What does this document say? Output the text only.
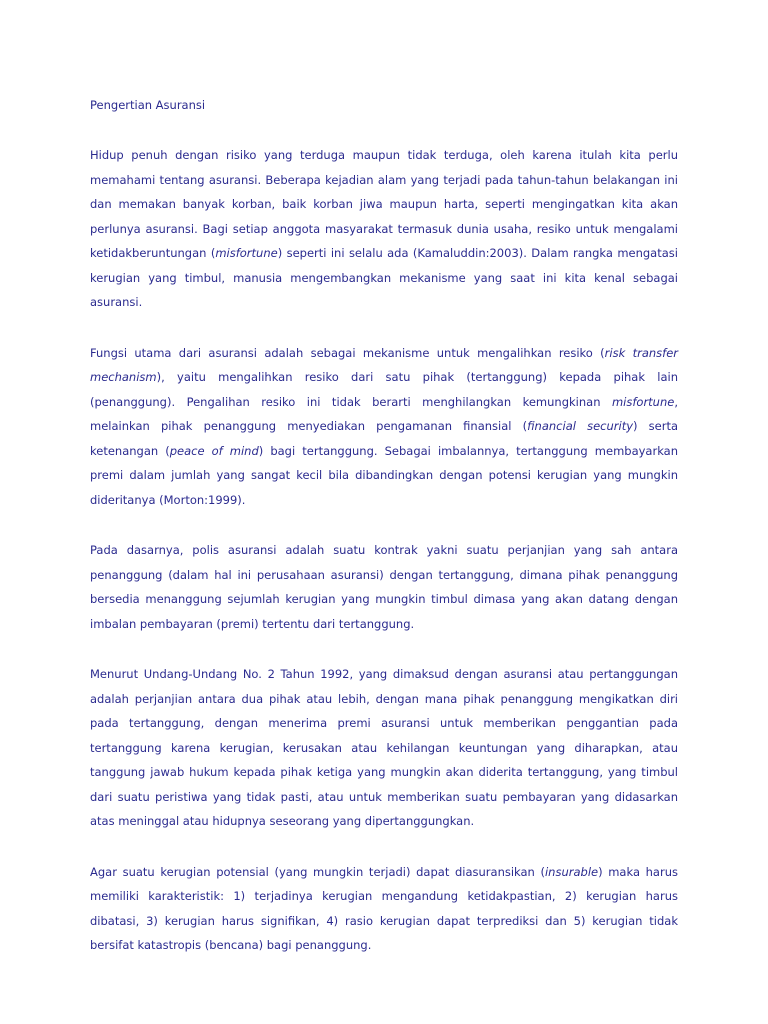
Pengertian Asuransi

Hidup penuh dengan risiko yang terduga maupun tidak terduga, oleh karena itulah kita perlu memahami tentang asuransi. Beberapa kejadian alam yang terjadi pada tahun-tahun belakangan ini dan memakan banyak korban, baik korban jiwa maupun harta, seperti mengingatkan kita akan perlunya asuransi. Bagi setiap anggota masyarakat termasuk dunia usaha, resiko untuk mengalami ketidakberuntungan (misfortune) seperti ini selalu ada (Kamaluddin:2003). Dalam rangka mengatasi kerugian yang timbul, manusia mengembangkan mekanisme yang saat ini kita kenal sebagai asuransi.

Fungsi utama dari asuransi adalah sebagai mekanisme untuk mengalihkan resiko (risk transfer mechanism), yaitu mengalihkan resiko dari satu pihak (tertanggung) kepada pihak lain (penanggung). Pengalihan resiko ini tidak berarti menghilangkan kemungkinan misfortune, melainkan pihak penanggung menyediakan pengamanan finansial (financial security) serta ketenangan (peace of mind) bagi tertanggung. Sebagai imbalannya, tertanggung membayarkan premi dalam jumlah yang sangat kecil bila dibandingkan dengan potensi kerugian yang mungkin dideritanya (Morton:1999).

Pada dasarnya, polis asuransi adalah suatu kontrak yakni suatu perjanjian yang sah antara penanggung (dalam hal ini perusahaan asuransi) dengan tertanggung, dimana pihak penanggung bersedia menanggung sejumlah kerugian yang mungkin timbul dimasa yang akan datang dengan imbalan pembayaran (premi) tertentu dari tertanggung.

Menurut Undang-Undang No. 2 Tahun 1992, yang dimaksud dengan asuransi atau pertanggungan adalah perjanjian antara dua pihak atau lebih, dengan mana pihak penanggung mengikatkan diri pada tertanggung, dengan menerima premi asuransi untuk memberikan penggantian pada tertanggung karena kerugian, kerusakan atau kehilangan keuntungan yang diharapkan, atau tanggung jawab hukum kepada pihak ketiga yang mungkin akan diderita tertanggung, yang timbul dari suatu peristiwa yang tidak pasti, atau untuk memberikan suatu pembayaran yang didasarkan atas meninggal atau hidupnya seseorang yang dipertanggungkan.

Agar suatu kerugian potensial (yang mungkin terjadi) dapat diasuransikan (insurable) maka harus memiliki karakteristik: 1) terjadinya kerugian mengandung ketidakpastian, 2) kerugian harus dibatasi, 3) kerugian harus signifikan, 4) rasio kerugian dapat terprediksi dan 5) kerugian tidak bersifat katastropis (bencana) bagi penanggung.
